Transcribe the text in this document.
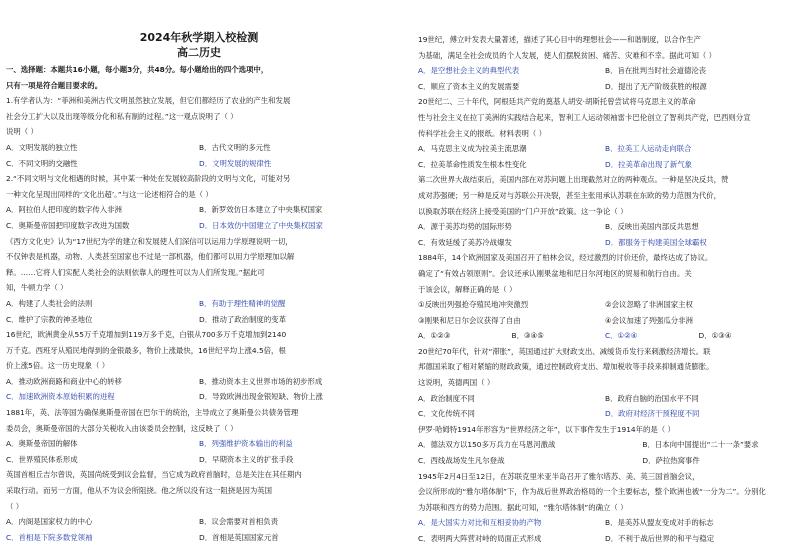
2024年秋学期入校检测
高二历史
一、选择题：本题共16小题，每小题3分，共48分。每小题给出的四个选项中，
只有一项是符合题目要求的。
1.有学者认为：“菲洲和美洲古代文明虽然独立发展，但它们都经历了农业的产生和发展
社会分工扩大以及出现等级分化和私有制的过程。”这一观点说明了（ ）
说明（ ）
A．文明发展的独立性	B．古代文明的多元性
C．不同文明的交融性	D．文明发展的规律性
2.“不同文明与文化相遇的时候，其中某一种处在发展较高阶段的文明与文化，可能对另
一种文化呈现出同样的‘文化出超’。”与这一论述相符合的是（ ）
A．阿拉伯人把印度的数字传入非洲	B．新罗效仿日本建立了中央集权国家
C．奥斯曼帝国把印度数字改进为国数	D．日本效仿中国建立了中央集权国家
《西方文化史》认为“17世纪为学的建立和发展使人们深信可以运用力学原理说明一切，
不仅钟表是机器，动物、人类甚至国家也不过是一部机器，他们都可以用力学原理加以解
释。……它将人们实配人类社会的法则依靠人的理性可以为人们所发现。”据此可
知，牛顿力学（ ）
A．构建了人类社会的法则	B．有助于理性精神的觉醒
C．维护了宗教的神圣地位	D．推动了政治制度的变革
16世纪，欧洲黄金从55万千克增加到119万多千克，白银从700多万千克增加到2140
万千克。西班牙从殖民地得到的金银最多，物价上涨最快，16世纪平均上涨4.5倍，根
价上涨5倍。这一历史现象（ ）
A．推动欧洲商路和商业中心的转移	B．推动资本主义世界市场的初步形成
C．加速欧洲资本原始积累的进程	D．导致欧洲出现金银短缺、物价上涨
1881年，英、法等国为确保奥斯曼帝国在巴尔干的统治，主导成立了奥斯曼公共债务管理
委员会，奥斯曼帝国的大部分关税收入由该委员会控制，这反映了（ ）
A．奥斯曼帝国的解体	B．列强维护资本输出的利益
C．世界殖民体系形成	D．早期资本主义的扩张手段
英国首相丘吉尔曾说，英国尚统受到议会监督，当它成为政府首脑时，总是关注在其任期内
采取行动。而另一方面，他从不为议会所阻挠。他之所以没有这一阻挠是因为英国
（ ）
A．内阁是国家权力的中心	B．议会需要对首相负责
C．首相是下院多数党领袖	D．首相是英国国家元首
19世纪，傅立叶发表大量著述，描述了其心目中的理想社会——和谐制度，以合作生产
为基础，满足全社会成员的个人发展，使人们摆脱贫困、痛苦、灾难和不幸。据此可知（ ）
A．是空想社会主义的典型代表	B．旨在批判当时社会道德沦丧
C．顺应了资本主义的发展需要	D．提出了无产阶级获胜的根源
20世纪二、三十年代，阿根廷共产党的奠基人胡安·胡斯托曾尝试将马克思主义的革命
性与社会主义在拉丁美洲的实践结合起来，智利工人运动领袖雷卡巴伦创立了智利共产党，巴西则分宣
传科学社会主义的报纸。材料表明（ ）
A．马克思主义成为拉美主流思潮	B．拉美工人运动走向联合
C．拉美革命性质发生根本性变化	D．拉美革命出现了新气象
第二次世界大战结束后，美国内部在对苏问题上出现截然对立的两种观点。一种是坚决反共，赞
成对苏强硬；另一种是反对与苏联公开决裂，甚至主张用承认苏联在东欧的势力范围为代价，
以换取苏联在经济上接受美国的“门户开放”政策。这一争论（ ）
A．源于美苏均势的国际形势	B．反映出美国内部反共思想
C．有效延缓了美苏冷战爆发	D．都服务于构建美国全球霸权
1884年，14个欧洲国家及美国召开了柏林会议，经过激烈的讨价还价，最终达成了协议。
确定了“有效占领原则”。会议还承认刚果盆地和尼日尔河地区的贸易和航行自由。关
于该会议，解释正确的是（ ）
①反映出列强抢夺殖民地冲突激烈	②会议忽略了非洲国家主权
③刚果和尼日尔会议获得了自由	④会议加速了列强瓜分非洲
A．①②③	B．③④⑤	C．①②④	D．①③④
20世纪70年代，针对“滞胀”，英国通过扩大财政支出、减缓货币发行来刺激经济增长。联
邦德国采取了相对紧缩的财政政策，通过控制政府支出、增加税收等手段来抑制通货膨胀。
这说明，英德两国（ ）
A．政治制度不同	B．政府自脑的治国水平不同
C．文化传统不同	D．政府对经济干预程度不同
伊罗·哈姆特1914年形容为“世界经济之年”，以下事件发生于1914年的是（ ）
A．德法双方以150多万兵力在马恩河激战	B．日本向中国提出“二十一条”要求
C．西线战场发生凡尔登战	D．萨拉热窝事件
1945年2月4日至12日，在苏联克里米亚半岛召开了雅尔塔苏、美、英三国首脑会议，
会议所形成的“雅尔塔体制”下，作为战后世界政治格局的一个主要标志，整个欧洲也被“一分为二”。分别化
为苏联和西方的势力范围。据此可知，“雅尔塔体制”的确立（ ）
A．是大国实力对比和互相妥协的产物	B．是美苏从盟友变成对手的标志
C．表明两大阵营对峙的局面正式形成	D．不利于战后世界的和平与稳定
